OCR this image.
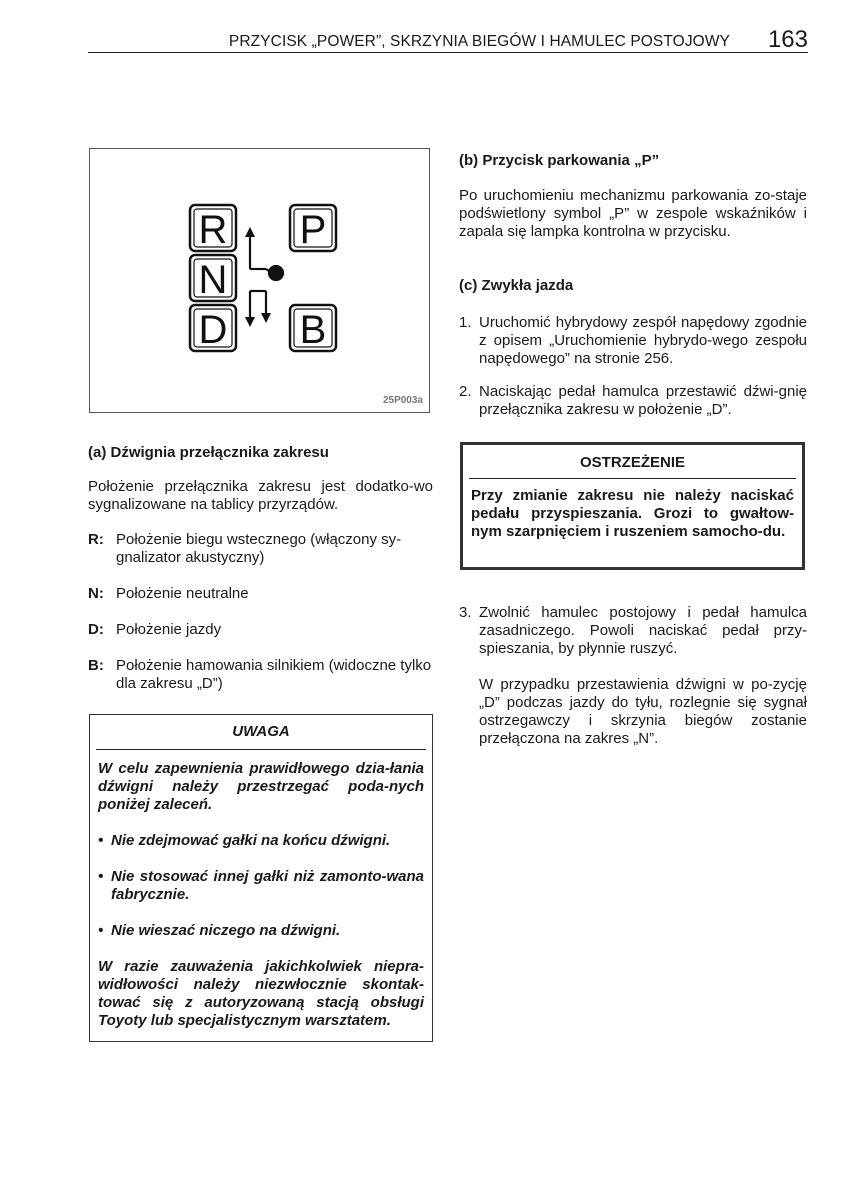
PRZYCISK „POWER”, SKRZYNIA BIEGÓW I HAMULEC POSTOJOWY 163
R
N
D
P
B
25P003a

(a) Dźwignia przełącznika zakresu

Położenie przełącznika zakresu jest dodatko-wo sygnalizowane na tablicy przyrządów.

R: Położenie biegu wstecznego (włączony sy-gnalizator akustyczny)
N: Położenie neutralne
D: Położenie jazdy
B: Położenie hamowania silnikiem (widoczne tylko dla zakresu „D”)
UWAGA

W celu zapewnienia prawidłowego dzia-łania dźwigni należy przestrzegać poda-nych poniżej zaleceń.

• Nie zdejmować gałki na końcu dźwigni.
• Nie stosować innej gałki niż zamonto-wana fabrycznie.
• Nie wieszać niczego na dźwigni.

W razie zauważenia jakichkolwiek niepra-widłowości należy niezwłocznie skontak-tować się z autoryzowaną stacją obsługi Toyoty lub specjalistycznym warsztatem.

(b) Przycisk parkowania „P”

Po uruchomieniu mechanizmu parkowania zo-staje podświetlony symbol „P” w zespole wskaźników i zapala się lampka kontrolna w przycisku.

(c) Zwykła jazda

1. Uruchomić hybrydowy zespół napędowy zgodnie z opisem „Uruchomienie hybrydo-wego zespołu napędowego” na stronie 256.
2. Naciskając pedał hamulca przestawić dźwi-gnię przełącznika zakresu w położenie „D”.
OSTRZEŻENIE

Przy zmianie zakresu nie należy naciskać pedału przyspieszania. Grozi to gwałtow-nym szarpnięciem i ruszeniem samocho-du.

3. Zwolnić hamulec postojowy i pedał hamulca zasadniczego. Powoli naciskać pedał przy-spieszania, by płynnie ruszyć.

W przypadku przestawienia dźwigni w po-zycję „D” podczas jazdy do tyłu, rozlegnie się sygnał ostrzegawczy i skrzynia biegów zostanie przełączona na zakres „N”.
